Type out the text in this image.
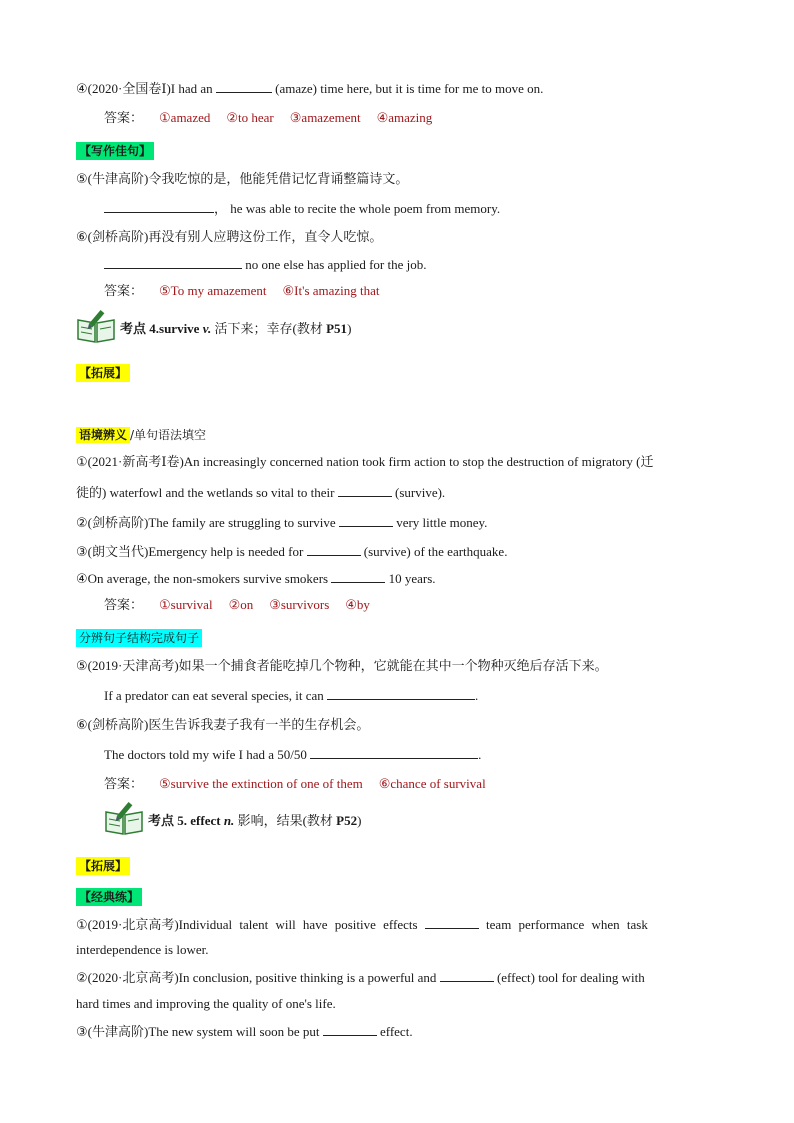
④(2020·全国卷Ⅰ)I had an	(amaze) time here, but it is time for me to move on.
答案： ①amazed ②to hear ③amazement ④amazing
【写作佳句】
⑤(牛津高阶)令我吃惊的是，他能凭借记忆背诵整篇诗文。
， he was able to recite the whole poem from memory.
⑥(剑桥高阶)再没有别人应聘这份工作，直令人吃惊。
no one else has applied for the job.
答案： ⑤To my amazement ⑥It's amazing that
考点 4.survive v. 活下来；幸存(教材 P51)
【拓展】
语境辨义 /单句语法填空
①(2021·新高考Ⅰ卷)An increasingly concerned nation took firm action to stop the destruction of migratory (迁
徙的) waterfowl and the wetlands so vital to their	(survive).
②(剑桥高阶)The family are struggling to survive	very little money.
③(朗文当代)Emergency help is needed for	(survive) of the earthquake.
④On average, the non-smokers survive smokers	10 years.
答案： ①survival ②on ③survivors ④by
分辨句子结构完成句子
⑤(2019·天津高考)如果一个捕食者能吃掉几个物种，它就能在其中一个物种灭绝后存活下来。
If a predator can eat several species, it can	.
⑥(剑桥高阶)医生告诉我妻子我有一半的生存机会。
The doctors told my wife I had a 50/50	.
答案： ⑤survive the extinction of one of them ⑥chance of survival
考点 5. effect n. 影响，结果(教材 P52)
【拓展】
【经典练】
①(2019·北京高考)Individual talent will have positive effects	team performance when task
interdependence is lower.
②(2020·北京高考)In conclusion, positive thinking is a powerful and	(effect) tool for dealing with
hard times and improving the quality of one's life.
③(牛津高阶)The new system will soon be put	effect.
